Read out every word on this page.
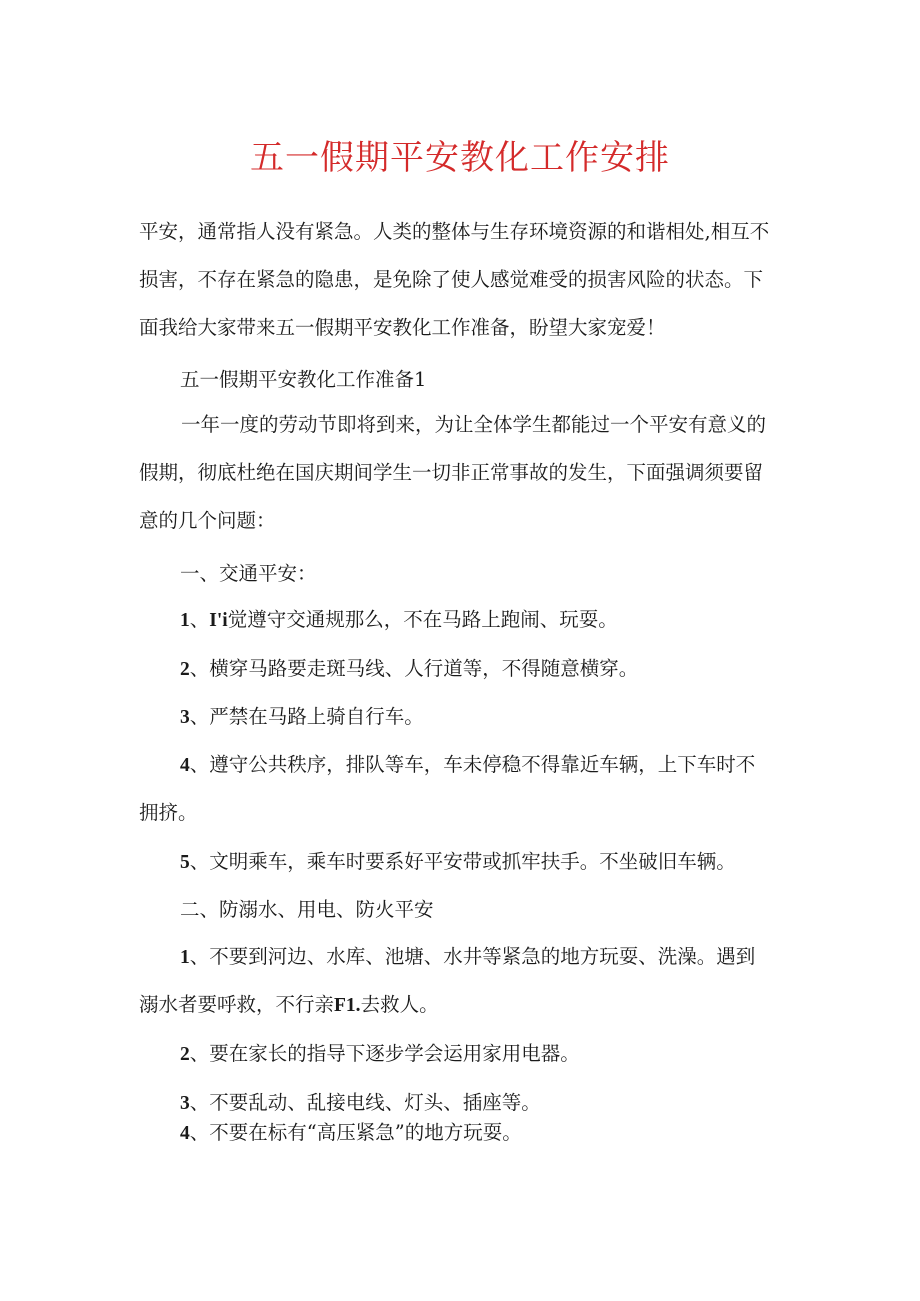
五一假期平安教化工作安排
平安，通常指人没有紧急。人类的整体与生存环境资源的和谐相处,相互不
损害，不存在紧急的隐患，是免除了使人感觉难受的损害风险的状态。下
面我给大家带来五一假期平安教化工作准备，盼望大家宠爱！

五一假期平安教化工作准备1

一年一度的劳动节即将到来，为让全体学生都能过一个平安有意义的
假期，彻底杜绝在国庆期间学生一切非正常事故的发生，下面强调须要留
意的几个问题：

一、交通平安：

1、I'i觉遵守交通规那么，不在马路上跑闹、玩耍。

2、横穿马路要走斑马线、人行道等，不得随意横穿。

3、严禁在马路上骑自行车。

4、遵守公共秩序，排队等车，车未停稳不得靠近车辆，上下车时不

拥挤。

5、文明乘车，乘车时要系好平安带或抓牢扶手。不坐破旧车辆。

二、防溺水、用电、防火平安

1、不要到河边、水库、池塘、水井等紧急的地方玩耍、洗澡。遇到

溺水者要呼救，不行亲F1.去救人。

2、要在家长的指导下逐步学会运用家用电器。

3、不要乱动、乱接电线、灯头、插座等。

4、不要在标有“高压紧急”的地方玩耍。
